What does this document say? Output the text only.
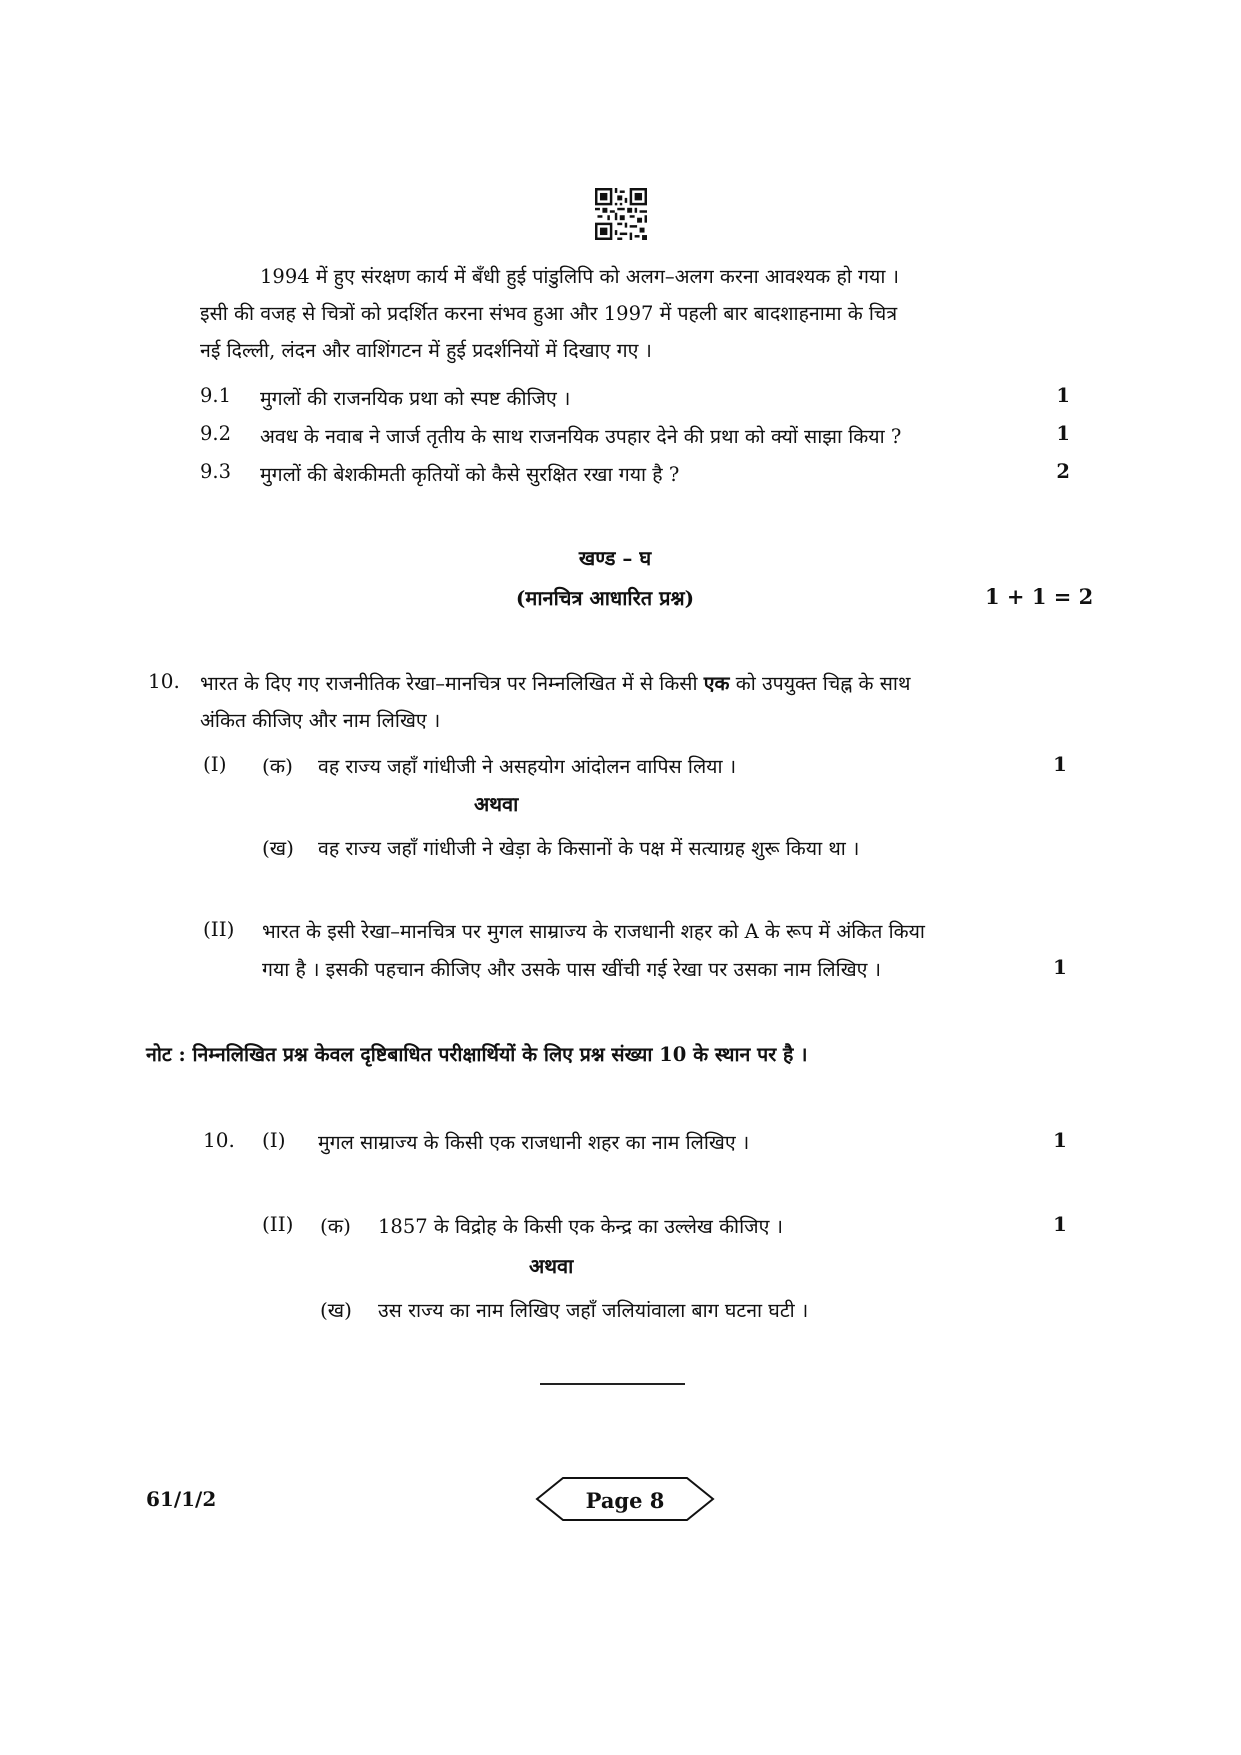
1994 में हुए संरक्षण कार्य में बँधी हुई पांडुलिपि को अलग–अलग करना आवश्यक हो गया ।
इसी की वजह से चित्रों को प्रदर्शित करना संभव हुआ और 1997 में पहली बार बादशाहनामा के चित्र
नई दिल्ली, लंदन और वाशिंगटन में हुई प्रदर्शनियों में दिखाए गए ।
9.1 मुगलों की राजनयिक प्रथा को स्पष्ट कीजिए ।	1
9.2 अवध के नवाब ने जार्ज तृतीय के साथ राजनयिक उपहार देने की प्रथा को क्यों साझा किया ?	1
9.3 मुगलों की बेशकीमती कृतियों को कैसे सुरक्षित रखा गया है ?	2
खण्ड – घ
(मानचित्र आधारित प्रश्न)	1 + 1 = 2
10. भारत के दिए गए राजनीतिक रेखा–मानचित्र पर निम्नलिखित में से किसी एक को उपयुक्त चिह्न के साथ
अंकित कीजिए और नाम लिखिए ।
(I) (क) वह राज्य जहाँ गांधीजी ने असहयोग आंदोलन वापिस लिया ।	1
अथवा
(ख) वह राज्य जहाँ गांधीजी ने खेड़ा के किसानों के पक्ष में सत्याग्रह शुरू किया था ।
(II) भारत के इसी रेखा–मानचित्र पर मुगल साम्राज्य के राजधानी शहर को A के रूप में अंकित किया
गया है । इसकी पहचान कीजिए और उसके पास खींची गई रेखा पर उसका नाम लिखिए ।	1
नोट : निम्नलिखित प्रश्न केवल दृष्टिबाधित परीक्षार्थियों के लिए प्रश्न संख्या 10 के स्थान पर है ।
10. (I) मुगल साम्राज्य के किसी एक राजधानी शहर का नाम लिखिए ।	1
(II) (क) 1857 के विद्रोह के किसी एक केन्द्र का उल्लेख कीजिए ।	1
अथवा
(ख) उस राज्य का नाम लिखिए जहाँ जलियांवाला बाग घटना घटी ।
61/1/2	Page 8
